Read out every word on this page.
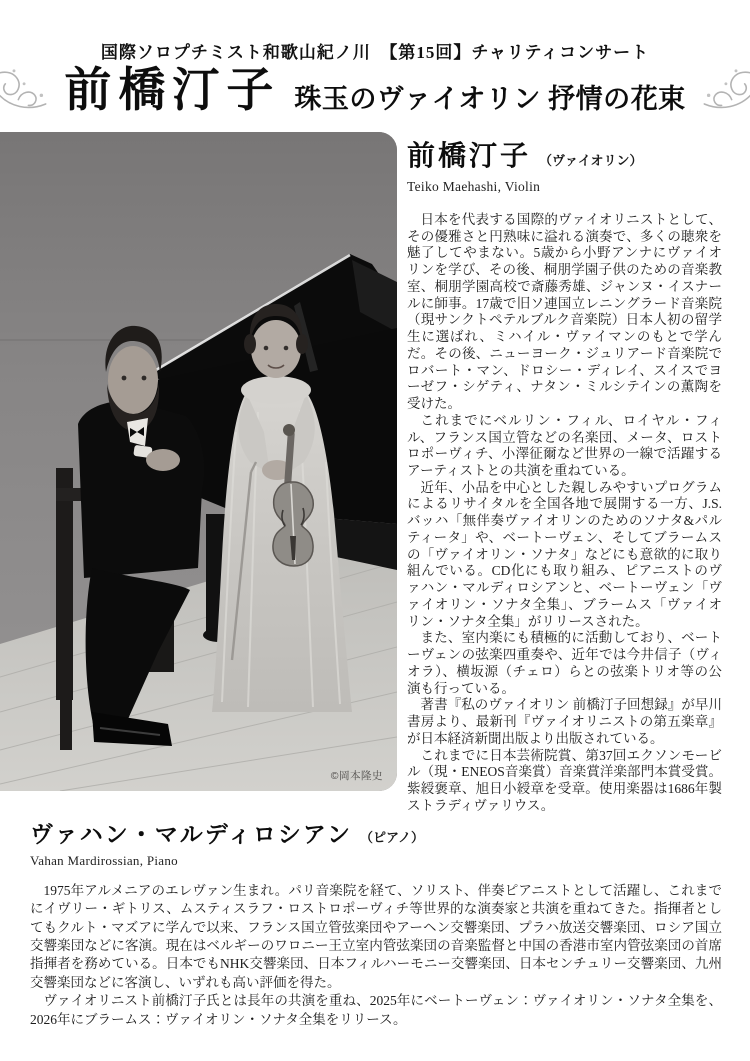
国際ソロプチミスト和歌山紀ノ川　【第15回】チャリティコンサート
前橋汀子 珠玉のヴァイオリン 抒情の花束
©岡本隆史
前橋汀子 （ヴァイオリン）
Teiko Maehashi, Violin

日本を代表する国際的ヴァイオリニストとして、その優雅さと円熟味に溢れる演奏で、多くの聴衆を魅了してやまない。5歳から小野アンナにヴァイオリンを学び、その後、桐朋学園子供のための音楽教室、桐朋学園高校で斎藤秀雄、ジャンヌ・イスナールに師事。17歳で旧ソ連国立レニングラード音楽院（現サンクトペテルブルク音楽院）日本人初の留学生に選ばれ、ミハイル・ヴァイマンのもとで学んだ。その後、ニューヨーク・ジュリアード音楽院でロバート・マン、ドロシー・ディレイ、スイスでヨーゼフ・シゲティ、ナタン・ミルシテインの薫陶を受けた。

これまでにベルリン・フィル、ロイヤル・フィル、フランス国立管などの名楽団、メータ、ロストロポーヴィチ、小澤征爾など世界の一線で活躍するアーティストとの共演を重ねている。

近年、小品を中心とした親しみやすいプログラムによるリサイタルを全国各地で展開する一方、J.S.バッハ「無伴奏ヴァイオリンのためのソナタ&パルティータ」や、ベートーヴェン、そしてブラームスの「ヴァイオリン・ソナタ」などにも意欲的に取り組んでいる。CD化にも取り組み、ピアニストのヴァハン・マルディロシアンと、ベートーヴェン「ヴァイオリン・ソナタ全集」、ブラームス「ヴァイオリン・ソナタ全集」がリリースされた。

また、室内楽にも積極的に活動しており、ベートーヴェンの弦楽四重奏や、近年では今井信子（ヴィオラ）、横坂源（チェロ）らとの弦楽トリオ等の公演も行っている。

著書『私のヴァイオリン 前橋汀子回想録』が早川書房より、最新刊『ヴァイオリニストの第五楽章』が日本経済新聞出版より出版されている。

これまでに日本芸術院賞、第37回エクソンモービル（現・ENEOS音楽賞）音楽賞洋楽部門本賞受賞。紫綬褒章、旭日小綬章を受章。使用楽器は1686年製ストラディヴァリウス。

ヴァハン・マルディロシアン （ピアノ）
Vahan Mardirossian, Piano

1975年アルメニアのエレヴァン生まれ。パリ音楽院を経て、ソリスト、伴奏ピアニストとして活躍し、これまでにイヴリー・ギトリス、ムスティスラフ・ロストロポーヴィチ等世界的な演奏家と共演を重ねてきた。指揮者としてもクルト・マズアに学んで以来、フランス国立管弦楽団やアーヘン交響楽団、プラハ放送交響楽団、ロシア国立交響楽団などに客演。現在はベルギーのワロニー王立室内管弦楽団の音楽監督と中国の香港市室内管弦楽団の首席指揮者を務めている。日本でもNHK交響楽団、日本フィルハーモニー交響楽団、日本センチュリー交響楽団、九州交響楽団などに客演し、いずれも高い評価を得た。

ヴァイオリニスト前橋汀子氏とは長年の共演を重ね、2025年にベートーヴェン：ヴァイオリン・ソナタ全集を、2026年にブラームス：ヴァイオリン・ソナタ全集をリリース。
